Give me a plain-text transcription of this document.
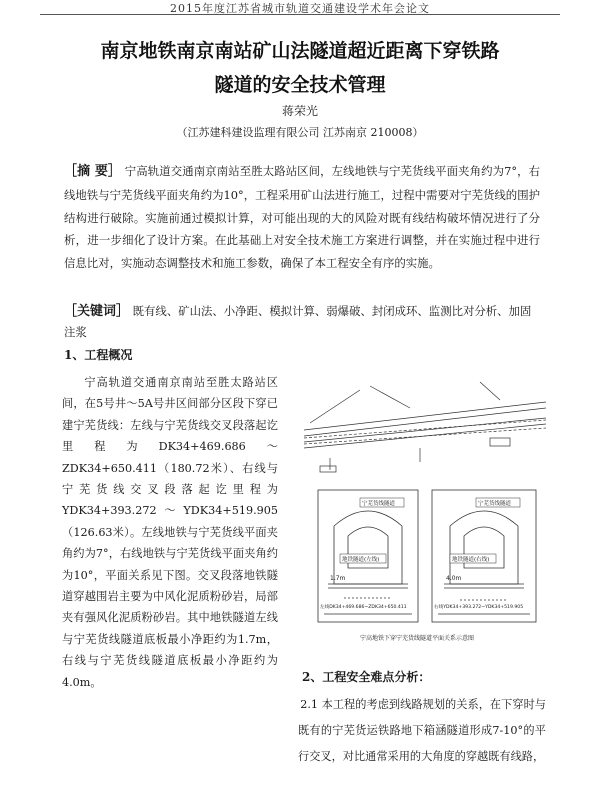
2015年度江苏省城市轨道交通建设学术年会论文
南京地铁南京南站矿山法隧道超近距离下穿铁路
隧道的安全技术管理
蒋荣光
（江苏建科建设监理有限公司 江苏南京 210008）
［摘 要］ 宁高轨道交通南京南站至胜太路站区间，左线地铁与宁芜货线平面夹角约为7°，右线地铁与宁芜货线平面夹角约为10°，工程采用矿山法进行施工，过程中需要对宁芜货线的围护结构进行破除。实施前通过模拟计算，对可能出现的大的风险对既有线结构破坏情况进行了分析，进一步细化了设计方案。在此基础上对安全技术施工方案进行调整，并在实施过程中进行信息比对，实施动态调整技术和施工参数，确保了本工程安全有序的实施。
［关键词］ 既有线、矿山法、小净距、模拟计算、弱爆破、封闭成环、监测比对分析、加固注浆
1、工程概况

宁高轨道交通南京南站至胜太路站区间，在5号井～5A号井区间部分区段下穿已建宁芜货线：左线与宁芜货线交叉段落起讫里程为DK34+469.686～ZDK34+650.411（180.72米）、右线与宁芜货线交叉段落起讫里程为YDK34+393.272～YDK34+519.905（126.63米）。左线地铁与宁芜货线平面夹角约为7°，右线地铁与宁芜货线平面夹角约为10°，平面关系见下图。交叉段落地铁隧道穿越围岩主要为中风化泥质粉砂岩，局部夹有强风化泥质粉砂岩。其中地铁隧道左线与宁芜货线隧道底板最小净距约为1.7m，右线与宁芜货线隧道底板最小净距约为4.0m。

宁芜货线隧道	宁芜货线隧道
地铁隧道(左线)	地铁隧道(右线)
1.7m	4.0m
左线DK34+469.686~ZDK34+650.411	右线YDK34+393.272~YDK34+519.905
宁高地铁下穿宁芜货线隧道平面关系示意图
2、工程安全难点分析：

2.1 本工程的考虑到线路规划的关系，在下穿时与既有的宁芜货运铁路地下箱涵隧道形成7-10°的平行交叉，对比通常采用的大角度的穿越既有线路，
